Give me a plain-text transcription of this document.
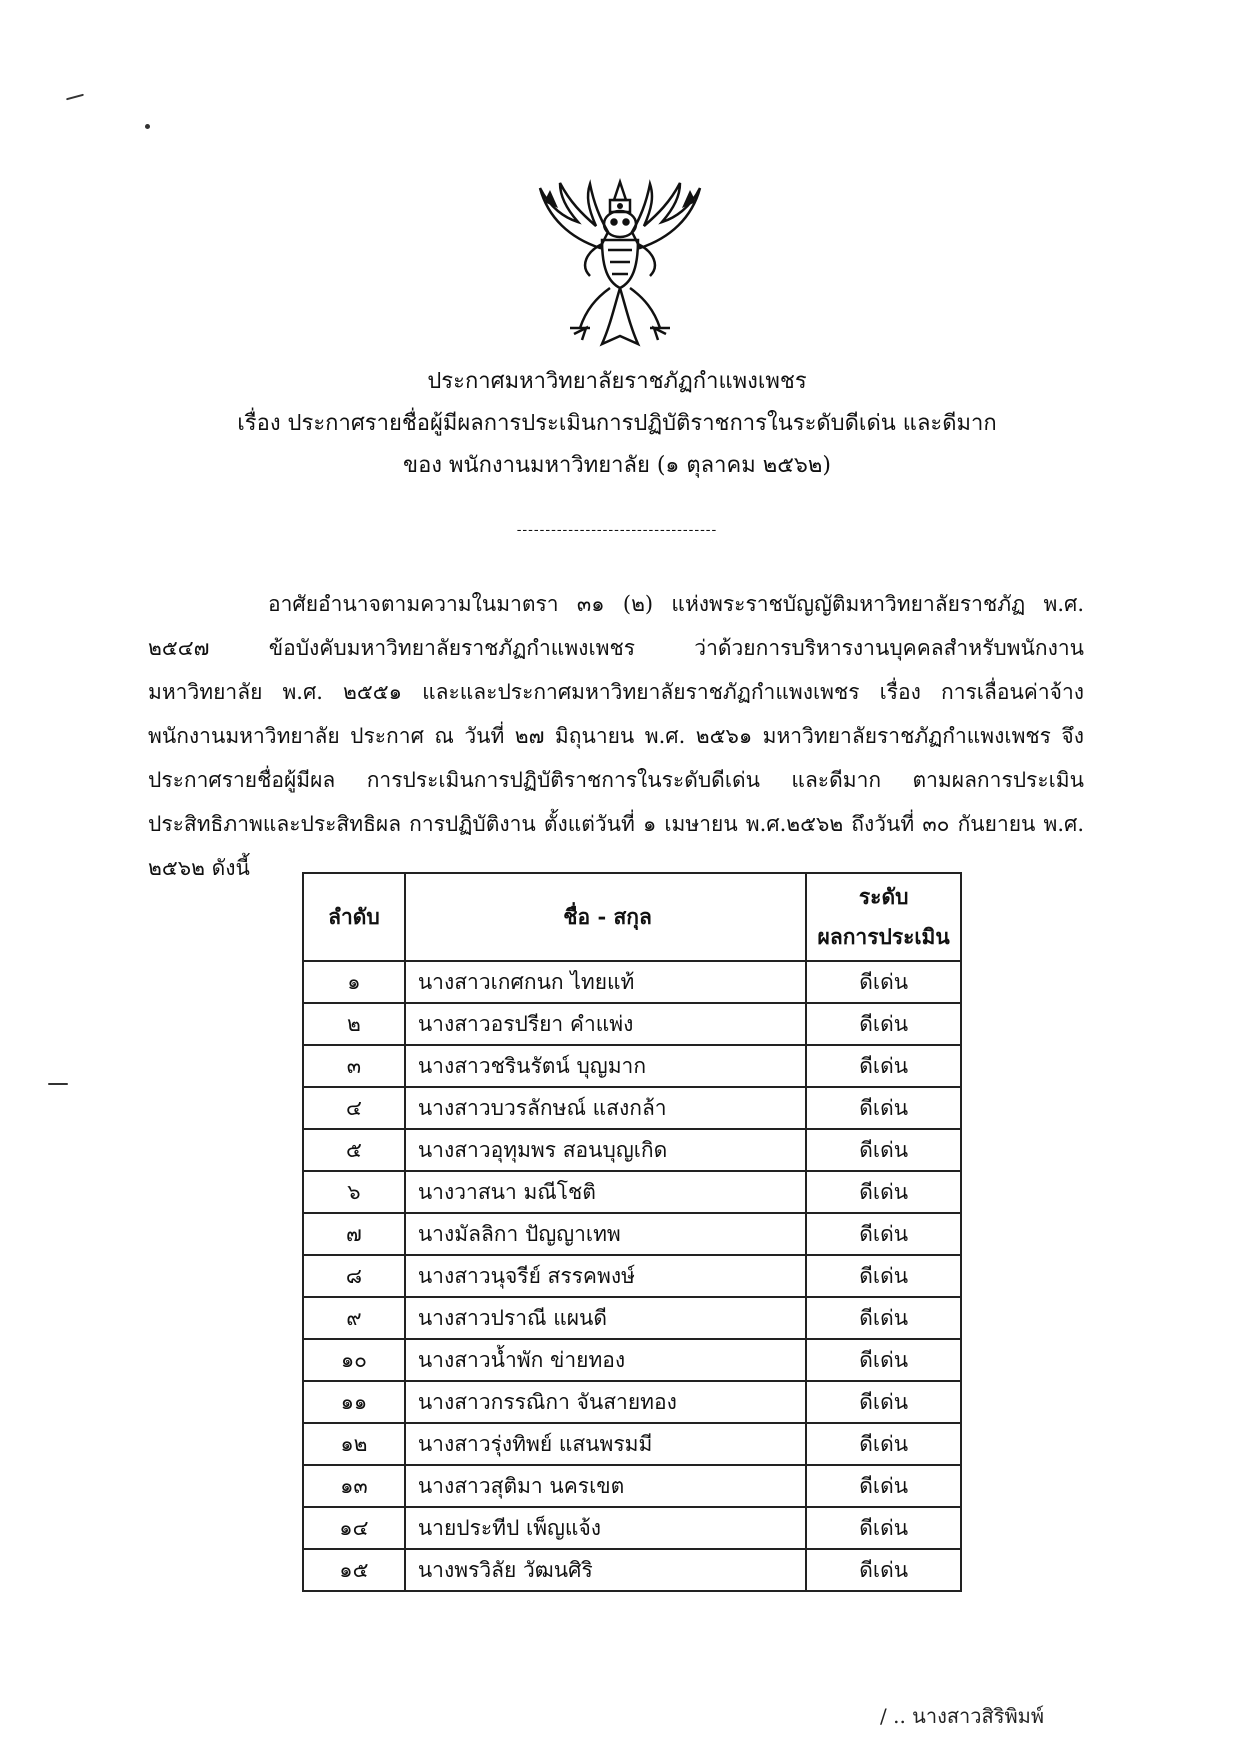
ประกาศมหาวิทยาลัยราชภัฏกำแพงเพชร
เรื่อง ประกาศรายชื่อผู้มีผลการประเมินการปฏิบัติราชการในระดับดีเด่น และดีมาก
ของ พนักงานมหาวิทยาลัย (๑ ตุลาคม ๒๕๖๒)
-----------------------------------

อาศัยอำนาจตามความในมาตรา ๓๑ (๒) แห่งพระราชบัญญัติมหาวิทยาลัยราชภัฏ พ.ศ. ๒๕๔๗ ข้อบังคับมหาวิทยาลัยราชภัฏกำแพงเพชร ว่าด้วยการบริหารงานบุคคลสำหรับพนักงานมหาวิทยาลัย พ.ศ. ๒๕๕๑ และและประกาศมหาวิทยาลัยราชภัฏกำแพงเพชร เรื่อง การเลื่อนค่าจ้างพนักงานมหาวิทยาลัย ประกาศ ณ วันที่ ๒๗ มิถุนายน พ.ศ. ๒๕๖๑ มหาวิทยาลัยราชภัฏกำแพงเพชร จึงประกาศรายชื่อผู้มีผล การประเมินการปฏิบัติราชการในระดับดีเด่น และดีมาก ตามผลการประเมินประสิทธิภาพและประสิทธิผล การปฏิบัติงาน ตั้งแต่วันที่ ๑ เมษายน พ.ศ.๒๕๖๒ ถึงวันที่ ๓๐ กันยายน พ.ศ. ๒๕๖๒ ดังนี้

ลำดับ	ชื่อ - สกุล	ระดับ
ผลการประเมิน

๑	นางสาวเกศกนก ไทยแท้	ดีเด่น
๒	นางสาวอรปรียา คำแพ่ง	ดีเด่น
๓	นางสาวชรินรัตน์ บุญมาก	ดีเด่น
๔	นางสาวบวรลักษณ์ แสงกล้า	ดีเด่น
๕	นางสาวอุทุมพร สอนบุญเกิด	ดีเด่น
๖	นางวาสนา มณีโชติ	ดีเด่น
๗	นางมัลลิกา ปัญญาเทพ	ดีเด่น
๘	นางสาวนุจรีย์ สรรคพงษ์	ดีเด่น
๙	นางสาวปราณี แผนดี	ดีเด่น
๑๐	นางสาวน้ำพัก ข่ายทอง	ดีเด่น
๑๑	นางสาวกรรณิกา จันสายทอง	ดีเด่น
๑๒	นางสาวรุ่งทิพย์ แสนพรมมี	ดีเด่น
๑๓	นางสาวสุติมา นครเขต	ดีเด่น
๑๔	นายประทีป เพ็ญแจ้ง	ดีเด่น
๑๕	นางพรวิลัย วัฒนศิริ	ดีเด่น
/ .. นางสาวสิริพิมพ์
